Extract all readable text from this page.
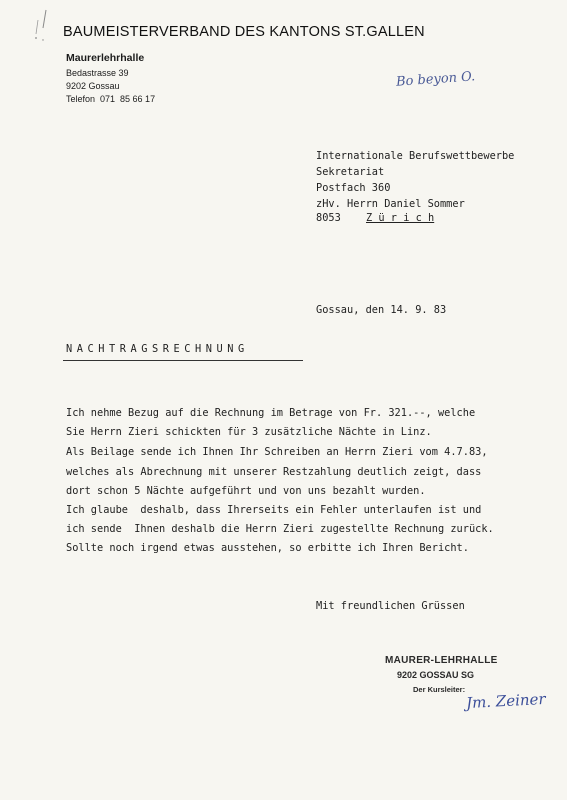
BAUMEISTERVERBAND DES KANTONS ST.GALLEN
Maurerlehrhalle
Bedastrasse 39
9202 Gossau
Telefon  071  85 66 17
Bo beyon O.
Internationale Berufswettbewerbe
Sekretariat
Postfach 360
zHv. Herrn Daniel Sommer
8053 Z ü r i c h
Gossau, den 14. 9. 83
NACHTRAGSRECHNUNG
Ich nehme Bezug auf die Rechnung im Betrage von Fr. 321.--, welche
Sie Herrn Zieri schickten für 3 zusätzliche Nächte in Linz.
Als Beilage sende ich Ihnen Ihr Schreiben an Herrn Zieri vom 4.7.83,
welches als Abrechnung mit unserer Restzahlung deutlich zeigt, dass
dort schon 5 Nächte aufgeführt und von uns bezahlt wurden.
Ich glaube  deshalb, dass Ihrerseits ein Fehler unterlaufen ist und
ich sende  Ihnen deshalb die Herrn Zieri zugestellte Rechnung zurück.
Sollte noch irgend etwas ausstehen, so erbitte ich Ihren Bericht.
Mit freundlichen Grüssen
MAURER-LEHRHALLE
9202 GOSSAU SG
Der Kursleiter:
Jm. Zeiner
